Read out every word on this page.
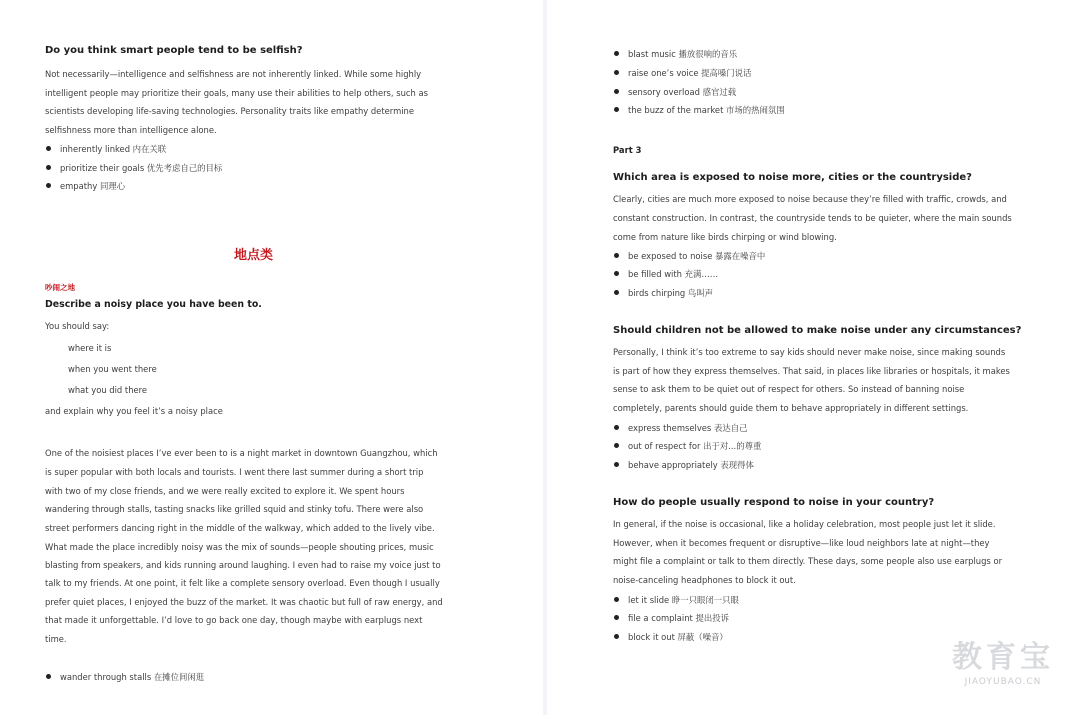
Do you think smart people tend to be selfish?
Not necessarily—intelligence and selfishness are not inherently linked. While some highly
intelligent people may prioritize their goals, many use their abilities to help others, such as
scientists developing life-saving technologies. Personality traits like empathy determine
selfishness more than intelligence alone.
inherently linked 内在关联
prioritize their goals 优先考虑自己的目标
empathy 同理心
地点类
吵闹之地
Describe a noisy place you have been to.
You should say:
where it is
when you went there
what you did there
and explain why you feel it’s a noisy place
One of the noisiest places I’ve ever been to is a night market in downtown Guangzhou, which
is super popular with both locals and tourists. I went there last summer during a short trip
with two of my close friends, and we were really excited to explore it. We spent hours
wandering through stalls, tasting snacks like grilled squid and stinky tofu. There were also
street performers dancing right in the middle of the walkway, which added to the lively vibe.
What made the place incredibly noisy was the mix of sounds—people shouting prices, music
blasting from speakers, and kids running around laughing. I even had to raise my voice just to
talk to my friends. At one point, it felt like a complete sensory overload. Even though I usually
prefer quiet places, I enjoyed the buzz of the market. It was chaotic but full of raw energy, and
that made it unforgettable. I’d love to go back one day, though maybe with earplugs next
time.
wander through stalls 在摊位间闲逛
blast music 播放很响的音乐
raise one’s voice 提高嗓门说话
sensory overload 感官过载
the buzz of the market 市场的热闹氛围
Part 3
Which area is exposed to noise more, cities or the countryside?
Clearly, cities are much more exposed to noise because they’re filled with traffic, crowds, and
constant construction. In contrast, the countryside tends to be quieter, where the main sounds
come from nature like birds chirping or wind blowing.
be exposed to noise 暴露在噪音中
be filled with 充满……
birds chirping 鸟叫声
Should children not be allowed to make noise under any circumstances?
Personally, I think it’s too extreme to say kids should never make noise, since making sounds
is part of how they express themselves. That said, in places like libraries or hospitals, it makes
sense to ask them to be quiet out of respect for others. So instead of banning noise
completely, parents should guide them to behave appropriately in different settings.
express themselves 表达自己
out of respect for 出于对...的尊重
behave appropriately 表现得体
How do people usually respond to noise in your country?
In general, if the noise is occasional, like a holiday celebration, most people just let it slide.
However, when it becomes frequent or disruptive—like loud neighbors late at night—they
might file a complaint or talk to them directly. These days, some people also use earplugs or
noise-canceling headphones to block it out.
let it slide 睁一只眼闭一只眼
file a complaint 提出投诉
block it out 屏蔽（噪音）
教育宝
JIAOYUBAO.CN
